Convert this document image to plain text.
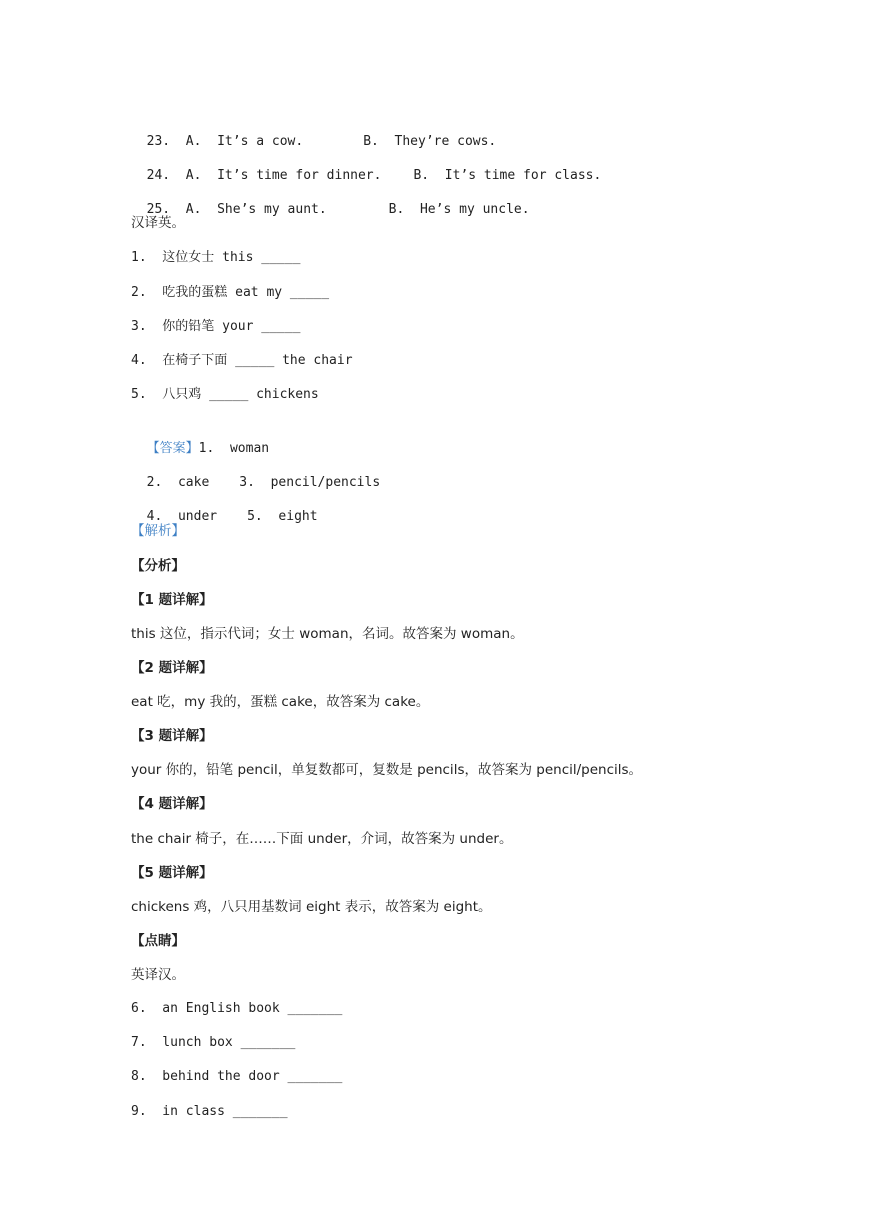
23.  A.  It’s a cow.	B.  They’re cows.

24.  A.  It’s time for dinner. B.  It’s time for class.

25.  A.  She’s my aunt.	B.  He’s my uncle.

汉译英。
1.  这位女士 this _____
2.  吃我的蛋糕 eat my _____
3.  你的铅笔 your _____
4.  在椅子下面 _____ the chair
5.  八只鸡 _____ chickens

【答案】1.  woman

2.  cake 3.  pencil/pencils

4.  under 5.  eight

【解析】
【分析】
【1 题详解】
this 这位，指示代词；女士 woman，名词。故答案为 woman。
【2 题详解】
eat 吃，my 我的，蛋糕 cake，故答案为 cake。
【3 题详解】
your 你的，铅笔 pencil，单复数都可，复数是 pencils，故答案为 pencil/pencils。
【4 题详解】
the chair 椅子，在……下面 under，介词，故答案为 under。
【5 题详解】
chickens 鸡，八只用基数词 eight 表示，故答案为 eight。
【点睛】
英译汉。
6.  an English book _______
7.  lunch box _______
8.  behind the door _______
9.  in class _______
